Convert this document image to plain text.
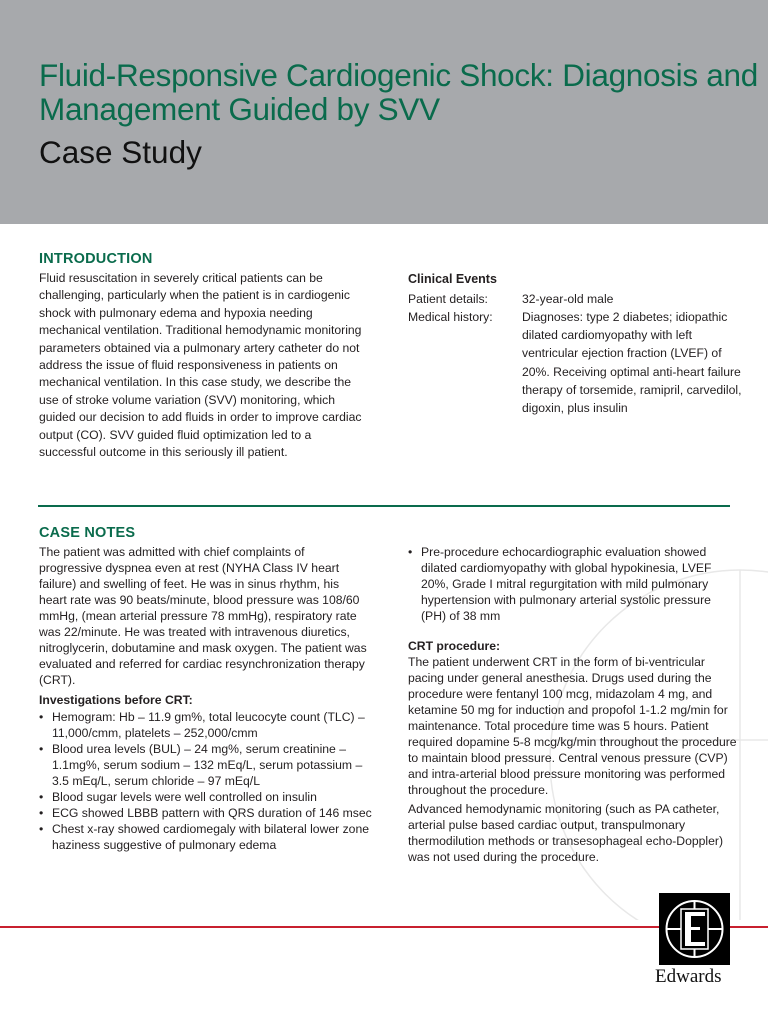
Fluid-Responsive Cardiogenic Shock: Diagnosis and Management Guided by SVV
Case Study
INTRODUCTION
Fluid resuscitation in severely critical patients can be challenging, particularly when the patient is in cardiogenic shock with pulmonary edema and hypoxia needing mechanical ventilation. Traditional hemodynamic monitoring parameters obtained via a pulmonary artery catheter do not address the issue of fluid responsiveness in patients on mechanical ventilation. In this case study, we describe the use of stroke volume variation (SVV) monitoring, which guided our decision to add fluids in order to improve cardiac output (CO). SVV guided fluid optimization led to a successful outcome in this seriously ill patient.
Clinical Events
Patient details:	32-year-old male
Medical history:	Diagnoses: type 2 diabetes; idiopathic dilated cardiomyopathy with left ventricular ejection fraction (LVEF) of 20%. Receiving optimal anti-heart failure therapy of torsemide, ramipril, carvedilol, digoxin, plus insulin
CASE NOTES
The patient was admitted with chief complaints of progressive dyspnea even at rest (NYHA Class IV heart failure) and swelling of feet. He was in sinus rhythm, his heart rate was 90 beats/minute, blood pressure was 108/60 mmHg, (mean arterial pressure 78 mmHg), respiratory rate was 22/minute. He was treated with intravenous diuretics, nitroglycerin, dobutamine and mask oxygen. The patient was evaluated and referred for cardiac resynchronization therapy (CRT).
Investigations before CRT:
• Hemogram: Hb – 11.9 gm%, total leucocyte count (TLC) – 11,000/cmm, platelets – 252,000/cmm
• Blood urea levels (BUL) – 24 mg%, serum creatinine – 1.1mg%, serum sodium – 132 mEq/L, serum potassium – 3.5 mEq/L, serum chloride – 97 mEq/L
• Blood sugar levels were well controlled on insulin
• ECG showed LBBB pattern with QRS duration of 146 msec
• Chest x-ray showed cardiomegaly with bilateral lower zone haziness suggestive of pulmonary edema
• Pre-procedure echocardiographic evaluation showed dilated cardiomyopathy with global hypokinesia, LVEF 20%, Grade I mitral regurgitation with mild pulmonary hypertension with pulmonary arterial systolic pressure (PH) of 38 mm
CRT procedure:
The patient underwent CRT in the form of bi-ventricular pacing under general anesthesia. Drugs used during the procedure were fentanyl 100 mcg, midazolam 4 mg, and ketamine 50 mg for induction and propofol 1-1.2 mg/min for maintenance. Total procedure time was 5 hours. Patient required dopamine 5-8 mcg/kg/min throughout the procedure to maintain blood pressure. Central venous pressure (CVP) and intra-arterial blood pressure monitoring was performed throughout the procedure.
Advanced hemodynamic monitoring (such as PA catheter, arterial pulse based cardiac output, transpulmonary thermodilution methods or transesophageal echo-Doppler) was not used during the procedure.
Edwards
